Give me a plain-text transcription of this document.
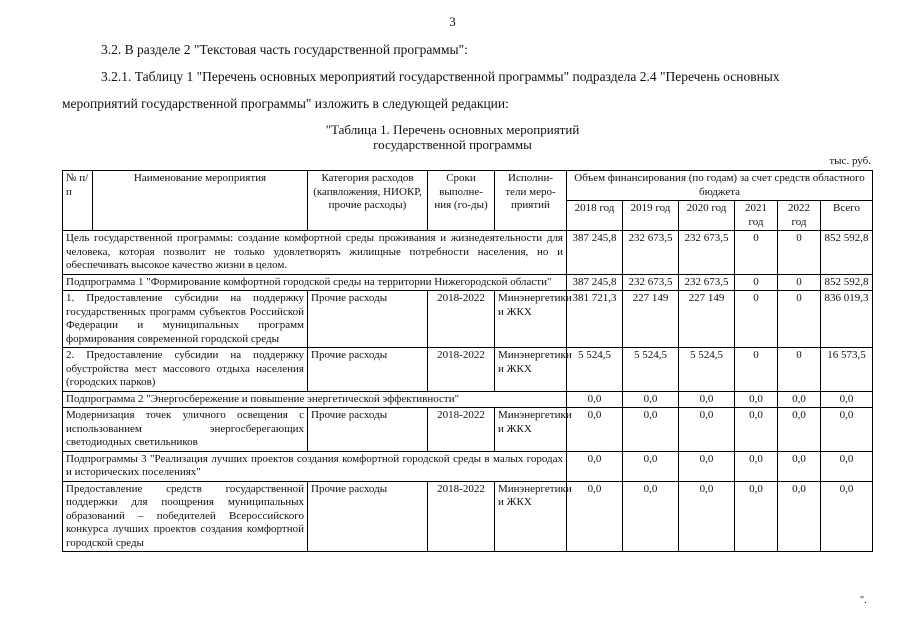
3
3.2. В разделе 2 "Текстовая часть государственной программы":
3.2.1. Таблицу 1 "Перечень основных мероприятий государственной программы" подраздела 2.4 "Перечень основных
мероприятий государственной программы" изложить в следующей редакции:
"Таблица 1. Перечень основных мероприятий
государственной программы
тыс. руб.
№ п/п	Наименование мероприятия	Категория расходов (капвложения, НИОКР, прочие расходы)	Сроки выполне-ния (го-ды)	Исполни-тели меро-приятий	Объем финансирования (по годам) за счет средств областного бюджета					
					2018 год	2019 год	2020 год	2021 год	2022 год	Всего
Цель государственной программы: создание комфортной среды проживания и жизнедеятельности для человека, которая позволит не только удовлетворять жилищные потребности населения, но и обеспечивать высокое качество жизни в целом.					387 245,8	232 673,5	232 673,5	0	0	852 592,8
Подпрограмма 1 "Формирование комфортной городской среды на территории Нижегородской области"					387 245,8	232 673,5	232 673,5	0	0	852 592,8
1. Предоставление субсидии на поддержку государственных программ субъектов Российской Федерации и муниципальных программ формирования современной городской среды		Прочие расходы	2018-2022	Минэнергетики и ЖКХ	381 721,3	227 149	227 149	0	0	836 019,3
2. Предоставление субсидии на поддержку обустройства мест массового отдыха населения (городских парков)		Прочие расходы	2018-2022	Минэнергетики и ЖКХ	5 524,5	5 524,5	5 524,5	0	0	16 573,5
Подпрограмма 2 "Энергосбережение и повышение энергетической эффективности"					0,0	0,0	0,0	0,0	0,0	0,0
Модернизация точек уличного освещения с использованием энергосберегающих светодиодных светильников		Прочие расходы	2018-2022	Минэнергетики и ЖКХ	0,0	0,0	0,0	0,0	0,0	0,0
Подпрограммы 3 "Реализация лучших проектов создания комфортной городской среды в малых городах и исторических поселениях"					0,0	0,0	0,0	0,0	0,0	0,0
Предоставление средств государственной поддержки для поощрения муниципальных образований – победителей Всероссийского конкурса лучших проектов создания комфортной городской среды		Прочие расходы	2018-2022	Минэнергетики и ЖКХ	0,0	0,0	0,0	0,0	0,0	0,0
".
